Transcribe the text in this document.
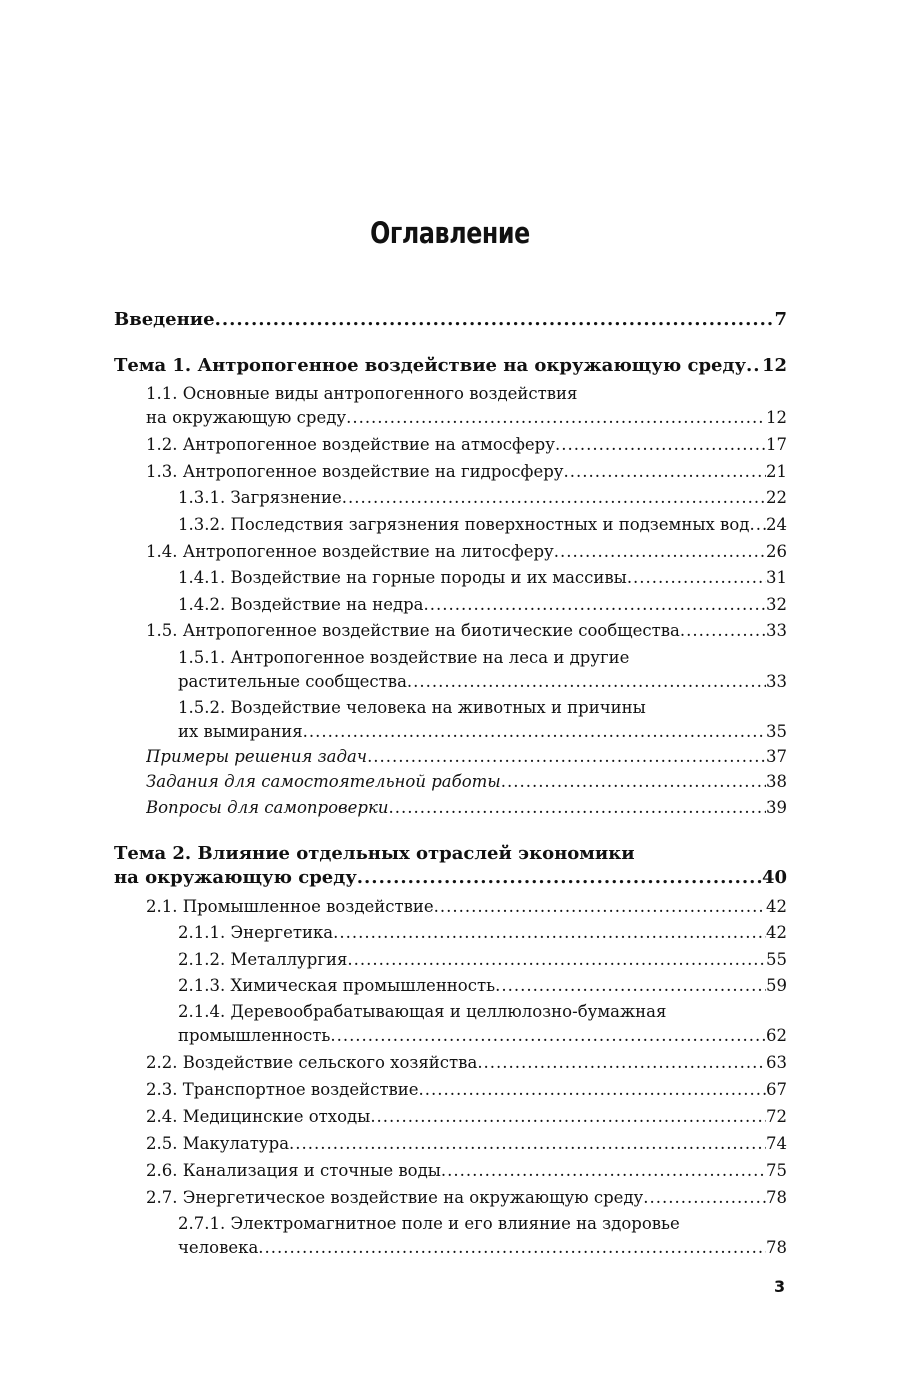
Оглавление
Введение .....	7
Тема 1. Антропогенное воздействие на окружающую среду ..... 12
1.1. Основные виды антропогенного воздействия
на окружающую среду .....	12
1.2. Антропогенное воздействие на атмосферу .....	17
1.3. Антропогенное воздействие на гидросферу .....	21
1.3.1. Загрязнение .....	22
1.3.2. Последствия загрязнения поверхностных и подземных вод ..... 24
1.4. Антропогенное воздействие на литосферу .....	26
1.4.1. Воздействие на горные породы и их массивы .....	31
1.4.2. Воздействие на недра .....	32
1.5. Антропогенное воздействие на биотические сообщества .....	33
1.5.1. Антропогенное воздействие на леса и другие
растительные сообщества .....	33
1.5.2. Воздействие человека на животных и причины
их вымирания .....	35
Примеры решения задач .....	37
Задания для самостоятельной работы .....	38
Вопросы для самопроверки .....	39
Тема 2. Влияние отдельных отраслей экономики
на окружающую среду .....	40
2.1. Промышленное воздействие .....	42
2.1.1. Энергетика .....	42
2.1.2. Металлургия .....	55
2.1.3. Химическая промышленность .....	59
2.1.4. Деревообрабатывающая и целлюлозно-бумажная
промышленность .....	62
2.2. Воздействие сельского хозяйства .....	63
2.3. Транспортное воздействие .....	67
2.4. Медицинские отходы .....	72
2.5. Макулатура .....	74
2.6. Канализация и сточные воды .....	75
2.7. Энергетическое воздействие на окружающую среду .....	78
2.7.1. Электромагнитное поле и его влияние на здоровье
человека .....	78
3
